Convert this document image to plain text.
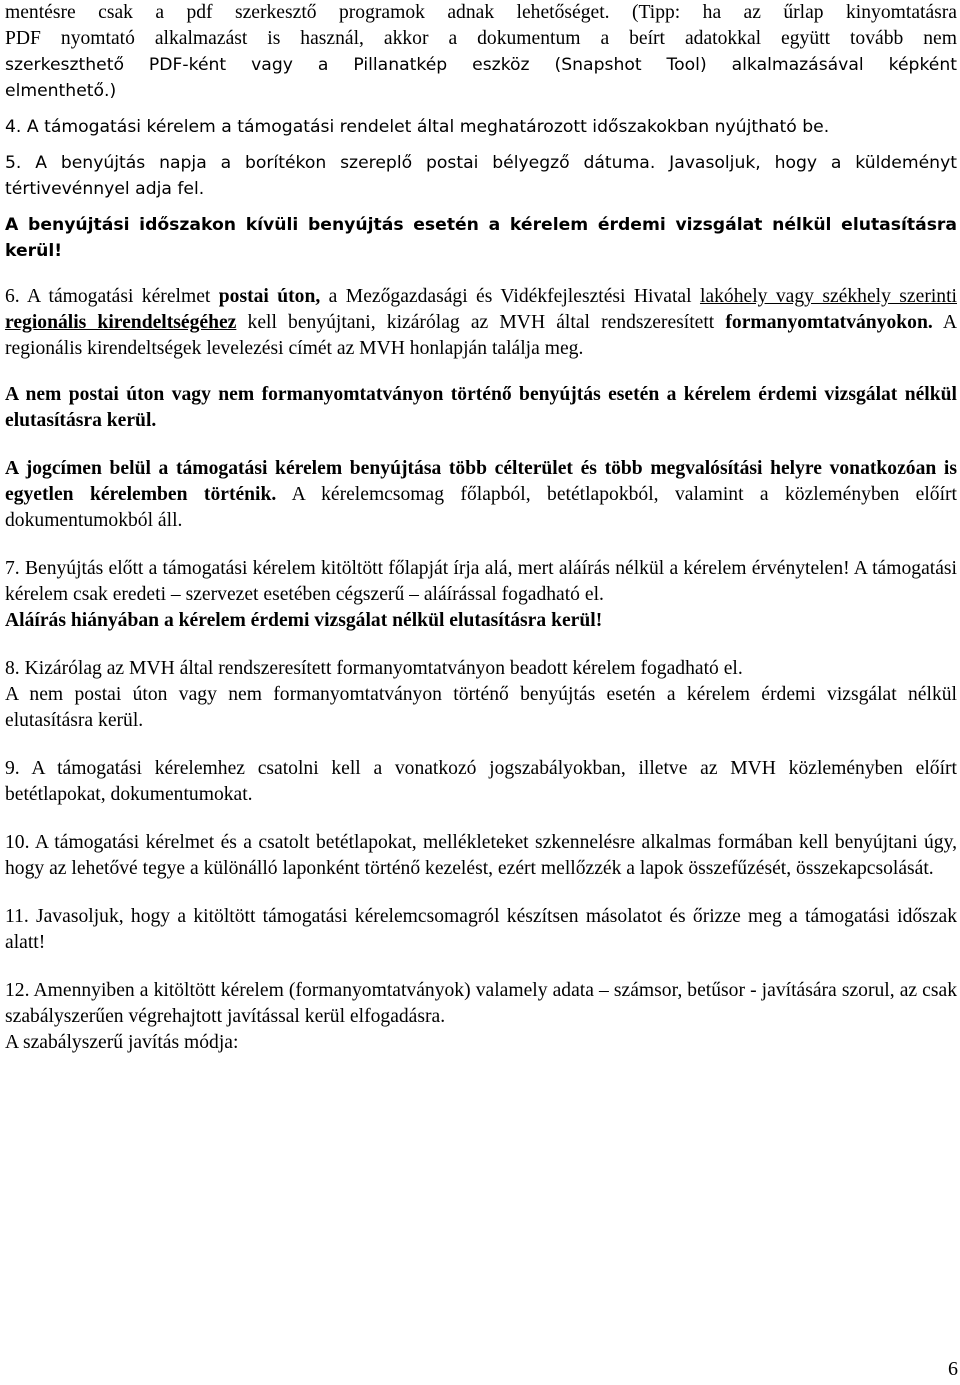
mentésre csak a pdf szerkesztő programok adnak lehetőséget. (Tipp: ha az űrlap kinyomtatásra
PDF nyomtató alkalmazást is használ, akkor a dokumentum a beírt adatokkal együtt tovább nem
szerkeszthető PDF-ként vagy a Pillanatkép eszköz (Snapshot Tool) alkalmazásával képként
elmenthető.)
4. A támogatási kérelem a támogatási rendelet által meghatározott időszakokban nyújtható be.
5. A benyújtás napja a borítékon szereplő postai bélyegző dátuma. Javasoljuk, hogy a küldeményt tértivevénnyel adja fel.
A benyújtási időszakon kívüli benyújtás esetén a kérelem érdemi vizsgálat nélkül elutasításra kerül!
6. A támogatási kérelmet postai úton, a Mezőgazdasági és Vidékfejlesztési Hivatal lakóhely vagy székhely szerinti regionális kirendeltségéhez kell benyújtani, kizárólag az MVH által rendszeresített formanyomtatványokon. A regionális kirendeltségek levelezési címét az MVH honlapján találja meg.
A nem postai úton vagy nem formanyomtatványon történő benyújtás esetén a kérelem érdemi vizsgálat nélkül elutasításra kerül.
A jogcímen belül a támogatási kérelem benyújtása több célterület és több megvalósítási helyre vonatkozóan is egyetlen kérelemben történik. A kérelemcsomag főlapból, betétlapokból, valamint a közleményben előírt dokumentumokból áll.
7. Benyújtás előtt a támogatási kérelem kitöltött főlapját írja alá, mert aláírás nélkül a kérelem érvénytelen! A támogatási kérelem csak eredeti – szervezet esetében cégszerű – aláírással fogadható el.
Aláírás hiányában a kérelem érdemi vizsgálat nélkül elutasításra kerül!
8. Kizárólag az MVH által rendszeresített formanyomtatványon beadott kérelem fogadható el.
A nem postai úton vagy nem formanyomtatványon történő benyújtás esetén a kérelem érdemi vizsgálat nélkül elutasításra kerül.
9. A támogatási kérelemhez csatolni kell a vonatkozó jogszabályokban, illetve az MVH közleményben előírt betétlapokat, dokumentumokat.
10. A támogatási kérelmet és a csatolt betétlapokat, mellékleteket szkennelésre alkalmas formában kell benyújtani úgy, hogy az lehetővé tegye a különálló laponként történő kezelést, ezért mellőzzék a lapok összefűzését, összekapcsolását.
11. Javasoljuk, hogy a kitöltött támogatási kérelemcsomagról készítsen másolatot és őrizze meg a támogatási időszak alatt!
12. Amennyiben a kitöltött kérelem (formanyomtatványok) valamely adata – számsor, betűsor - javítására szorul, az csak szabályszerűen végrehajtott javítással kerül elfogadásra.
A szabályszerű javítás módja:
6
